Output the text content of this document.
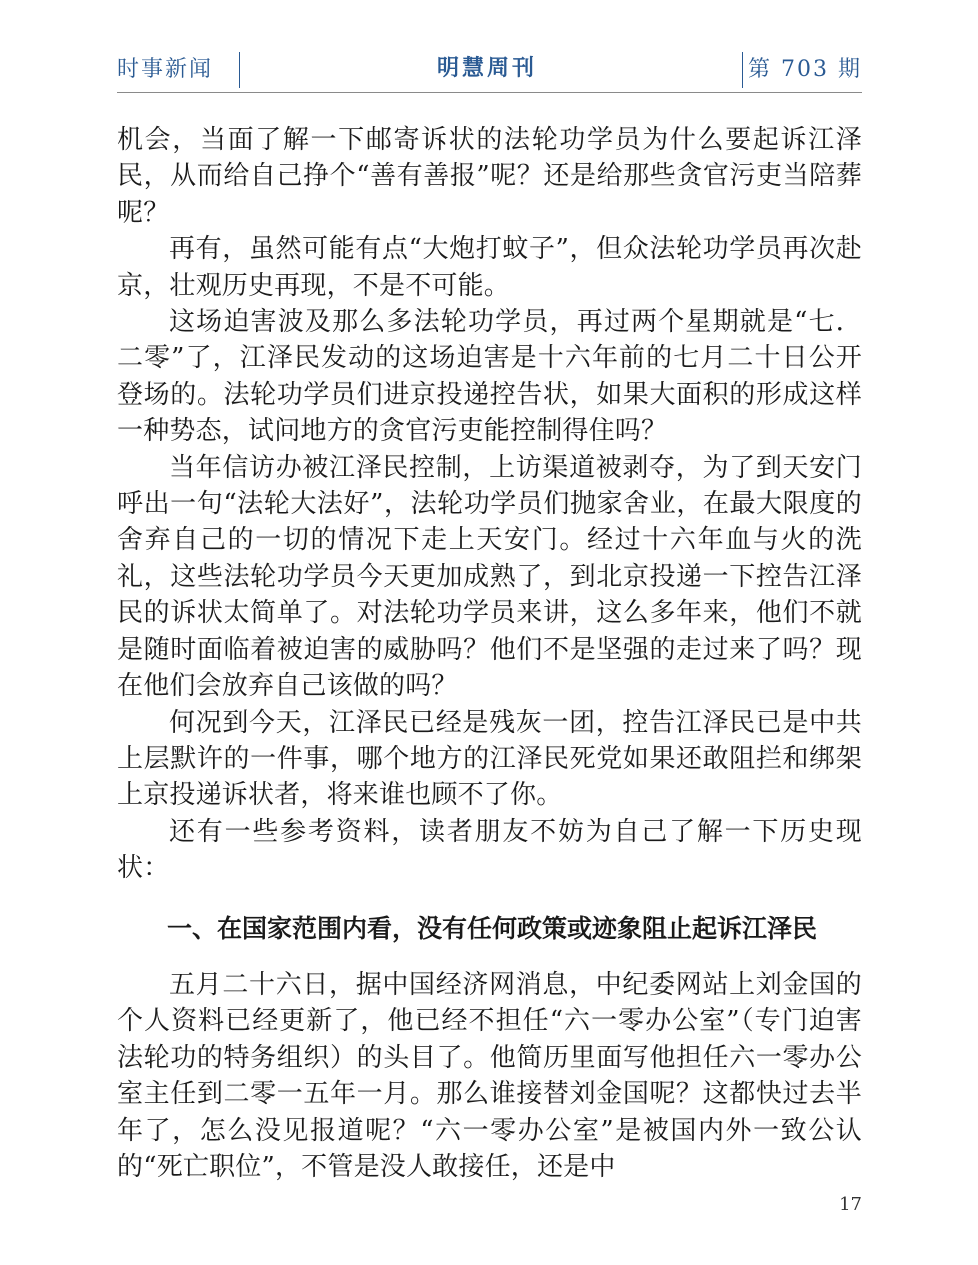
时事新闻	明慧周刊	第 703 期

机会，当面了解一下邮寄诉状的法轮功学员为什么要起诉江泽民，从而给自己挣个“善有善报”呢？还是给那些贪官污吏当陪葬呢？

再有，虽然可能有点“大炮打蚊子”，但众法轮功学员再次赴京，壮观历史再现，不是不可能。

这场迫害波及那么多法轮功学员，再过两个星期就是“七．二零”了，江泽民发动的这场迫害是十六年前的七月二十日公开登场的。法轮功学员们进京投递控告状，如果大面积的形成这样一种势态，试问地方的贪官污吏能控制得住吗？

当年信访办被江泽民控制，上访渠道被剥夺，为了到天安门呼出一句“法轮大法好”，法轮功学员们抛家舍业，在最大限度的舍弃自己的一切的情况下走上天安门。经过十六年血与火的洗礼，这些法轮功学员今天更加成熟了，到北京投递一下控告江泽民的诉状太简单了。对法轮功学员来讲，这么多年来，他们不就是随时面临着被迫害的威胁吗？他们不是坚强的走过来了吗？现在他们会放弃自己该做的吗？

何况到今天，江泽民已经是残灰一团，控告江泽民已是中共上层默许的一件事，哪个地方的江泽民死党如果还敢阻拦和绑架上京投递诉状者，将来谁也顾不了你。

还有一些参考资料，读者朋友不妨为自己了解一下历史现状：

一、在国家范围内看，没有任何政策或迹象阻止起诉江泽民

五月二十六日，据中国经济网消息，中纪委网站上刘金国的个人资料已经更新了，他已经不担任“六一零办公室”（专门迫害法轮功的特务组织）的头目了。他简历里面写他担任六一零办公室主任到二零一五年一月。那么谁接替刘金国呢？这都快过去半年了，怎么没见报道呢？“六一零办公室”是被国内外一致公认的“死亡职位”，不管是没人敢接任，还是中

17
